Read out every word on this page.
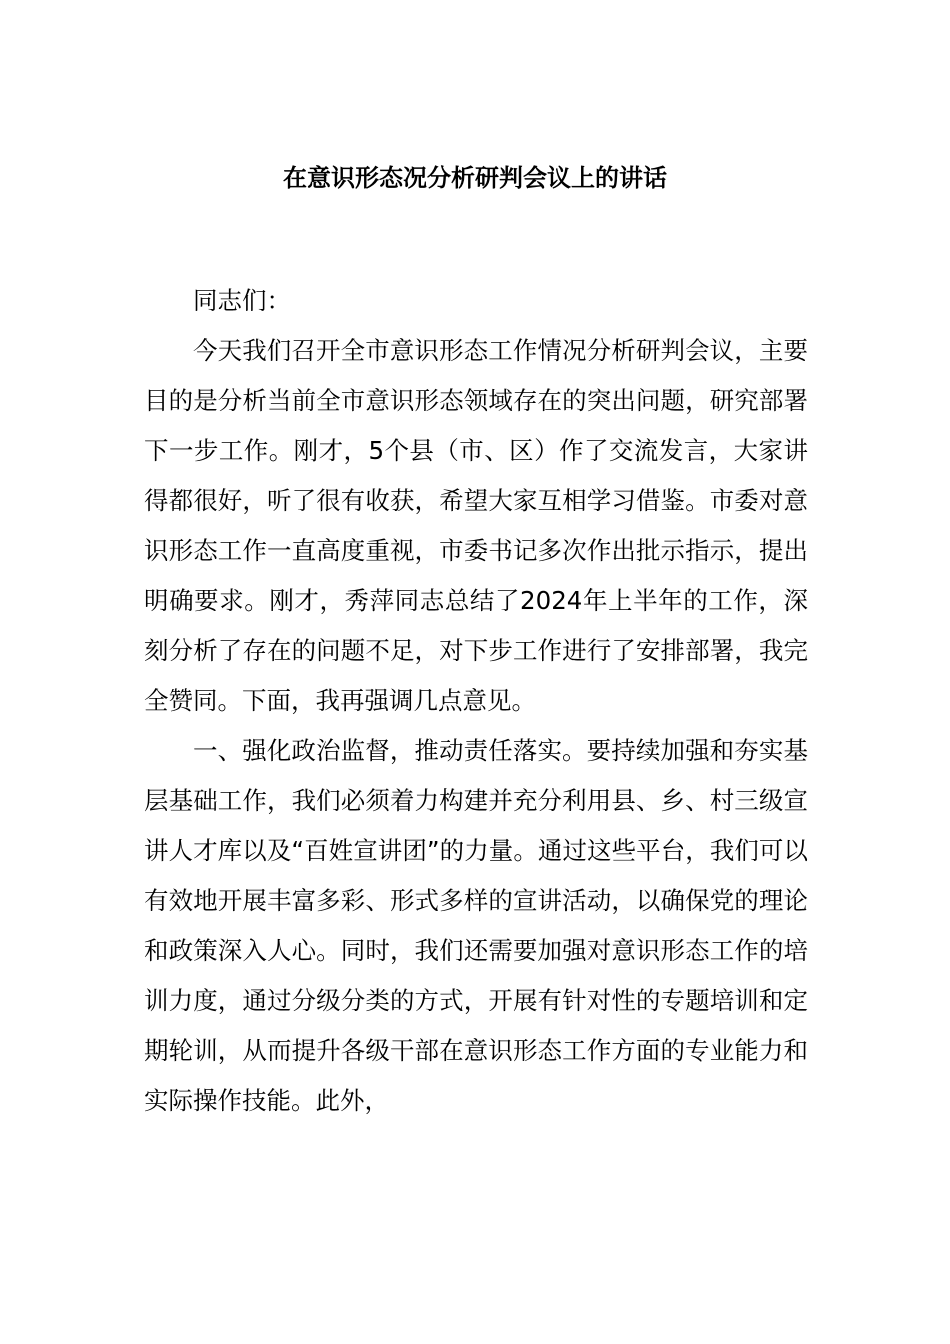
在意识形态况分析研判会议上的讲话

同志们：

今天我们召开全市意识形态工作情况分析研判会议，主要目的是分析当前全市意识形态领域存在的突出问题，研究部署下一步工作。刚才，5个县（市、区）作了交流发言，大家讲得都很好，听了很有收获，希望大家互相学习借鉴。市委对意识形态工作一直高度重视，市委书记多次作出批示指示，提出明确要求。刚才，秀萍同志总结了2024年上半年的工作，深刻分析了存在的问题不足，对下步工作进行了安排部署，我完全赞同。下面，我再强调几点意见。

一、强化政治监督，推动责任落实。要持续加强和夯实基层基础工作，我们必须着力构建并充分利用县、乡、村三级宣讲人才库以及“百姓宣讲团”的力量。通过这些平台，我们可以有效地开展丰富多彩、形式多样的宣讲活动，以确保党的理论和政策深入人心。同时，我们还需要加强对意识形态工作的培训力度，通过分级分类的方式，开展有针对性的专题培训和定期轮训，从而提升各级干部在意识形态工作方面的专业能力和实际操作技能。此外，
